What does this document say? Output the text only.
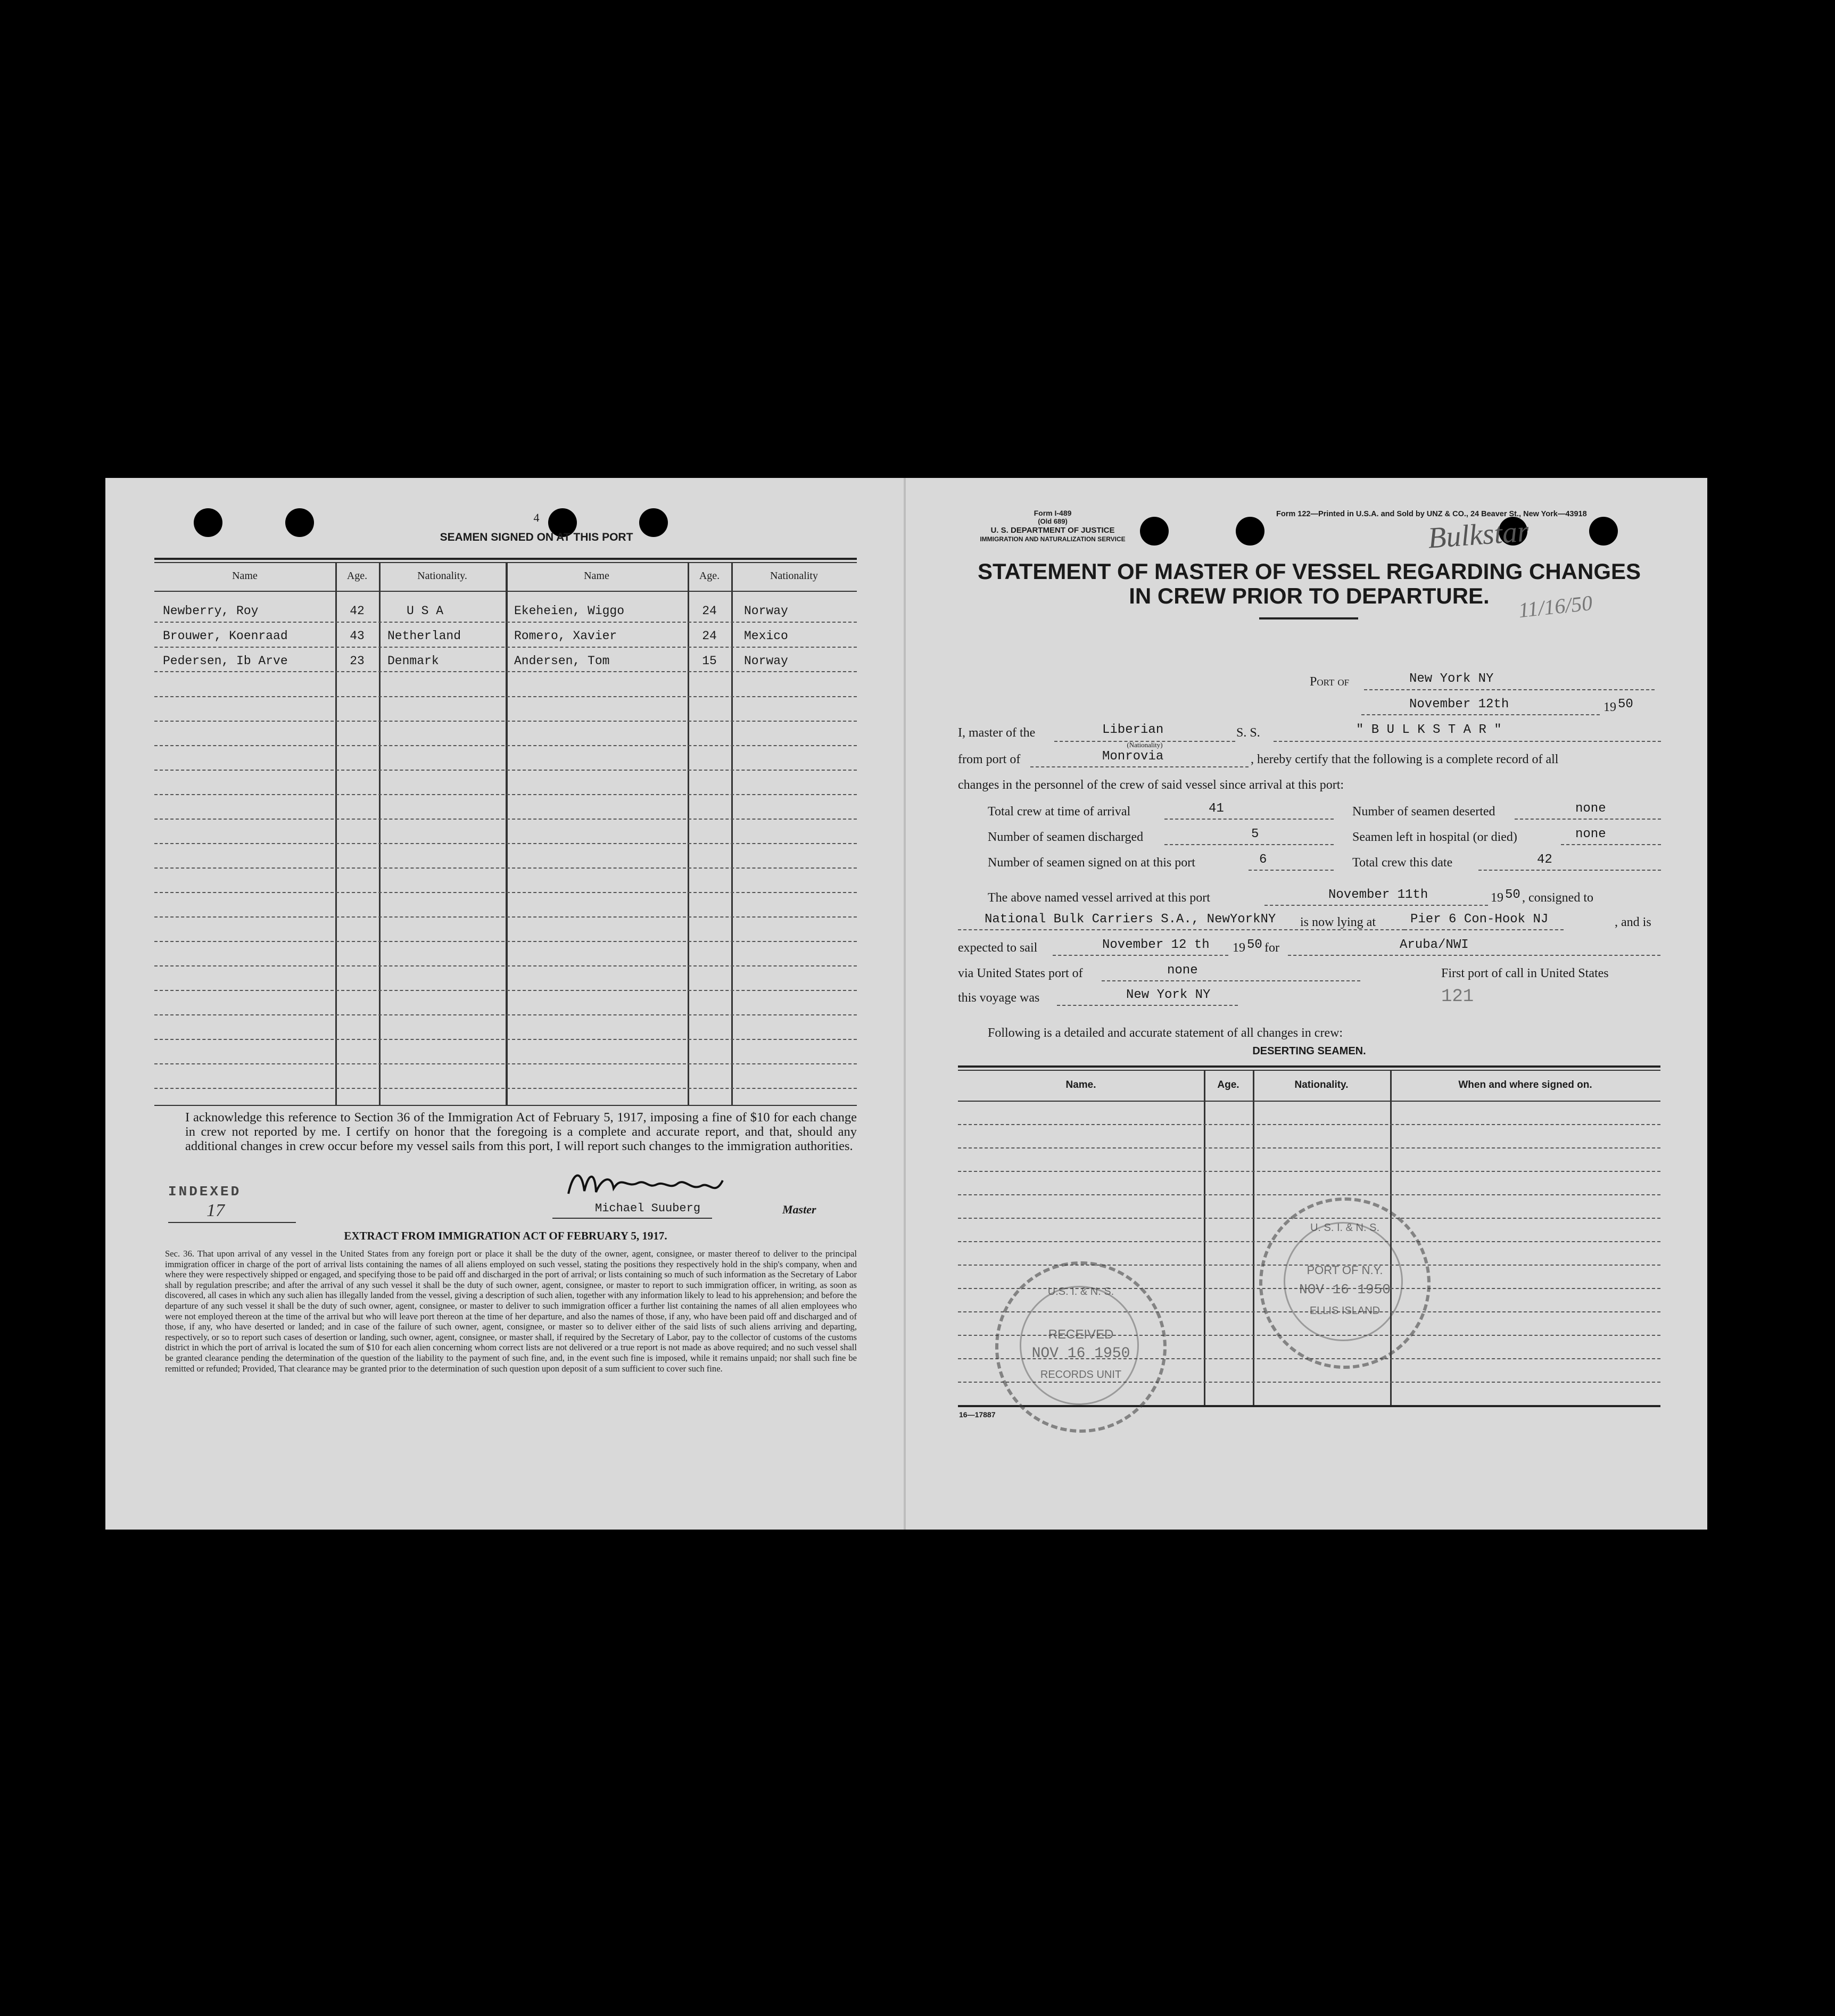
4
SEAMEN SIGNED ON AT THIS PORT
Name	Age.	Nationality.	Name	Age.	Nationality
Newberry, Roy	42	U S A	Ekeheien, Wiggo	24	Norway
Brouwer, Koenraad	43	Netherland	Romero, Xavier	24	Mexico
Pedersen, Ib Arve	23	Denmark	Andersen, Tom	15	Norway
I acknowledge this reference to Section 36 of the Immigration Act of February 5, 1917, imposing a fine of $10 for each change in crew not reported by me. I certify on honor that the foregoing is a complete and accurate report, and that, should any additional changes in crew occur before my vessel sails from this port, I will report such changes to the immigration authorities.
INDEXED
17	Michael Suuberg	Master
EXTRACT FROM IMMIGRATION ACT OF FEBRUARY 5, 1917.
Sec. 36. That upon arrival of any vessel in the United States from any foreign port or place it shall be the duty of the owner, agent, consignee, or master thereof to deliver to the principal immigration officer in charge of the port of arrival lists containing the names of all aliens employed on such vessel, stating the positions they respectively hold in the ship's company, when and where they were respectively shipped or engaged, and specifying those to be paid off and discharged in the port of arrival; or lists containing so much of such information as the Secretary of Labor shall by regulation prescribe; and after the arrival of any such vessel it shall be the duty of such owner, agent, consignee, or master to report to such immigration officer, in writing, as soon as discovered, all cases in which any such alien has illegally landed from the vessel, giving a description of such alien, together with any information likely to lead to his apprehension; and before the departure of any such vessel it shall be the duty of such owner, agent, consignee, or master to deliver to such immigration officer a further list containing the names of all alien employees who were not employed thereon at the time of the arrival but who will leave port thereon at the time of her departure, and also the names of those, if any, who have been paid off and discharged and of those, if any, who have deserted or landed; and in case of the failure of such owner, agent, consignee, or master so to deliver either of the said lists of such aliens arriving and departing, respectively, or so to report such cases of desertion or landing, such owner, agent, consignee, or master shall, if required by the Secretary of Labor, pay to the collector of customs of the customs district in which the port of arrival is located the sum of $10 for each alien concerning whom correct lists are not delivered or a true report is not made as above required; and no such vessel shall be granted clearance pending the determination of the question of the liability to the payment of such fine, and, in the event such fine is imposed, while it remains unpaid; nor shall such fine be remitted or refunded; Provided, That clearance may be granted prior to the determination of such question upon deposit of a sum sufficient to cover such fine.
Form I-489
(Old 689)
U. S. DEPARTMENT OF JUSTICE
IMMIGRATION AND NATURALIZATION SERVICE
Form 122—Printed in U.S.A. and Sold by UNZ & CO., 24 Beaver St., New York—43918
Bulkstar
11/16/50
STATEMENT OF MASTER OF VESSEL REGARDING CHANGES
IN CREW PRIOR TO DEPARTURE.
Port of	New York NY
November 12th	19 50
I, master of the	Liberian
(Nationality)
S. S.	" B U L K S T A R "
from port of	Monrovia	, hereby certify that the following is a complete record of all
changes in the personnel of the crew of said vessel since arrival at this port:
Total crew at time of arrival	41	Number of seamen deserted	none
Number of seamen discharged	5	Seamen left in hospital (or died)	none
Number of seamen signed on at this port	6	Total crew this date	42
The above named vessel arrived at this port	November 11th	19 50 , consigned to
National Bulk Carriers S.A., NewYorkNY is now lying at	Pier 6 Con-Hook NJ	, and is
expected to sail	November 12 th 19 50 for	Aruba/NWI
via United States port of	none	First port of call in United States
this voyage was	New York NY	121
Following is a detailed and accurate statement of all changes in crew:
DESERTING SEAMEN.
Name.	Age.	Nationality.	When and where signed on.
16—17887
U.S. I. & N. S.
RECEIVED
NOV 16 1950
RECORDS UNIT
U. S. I. & N. S.
PORT OF N.Y.
NOV 16 1950
ELLIS ISLAND
